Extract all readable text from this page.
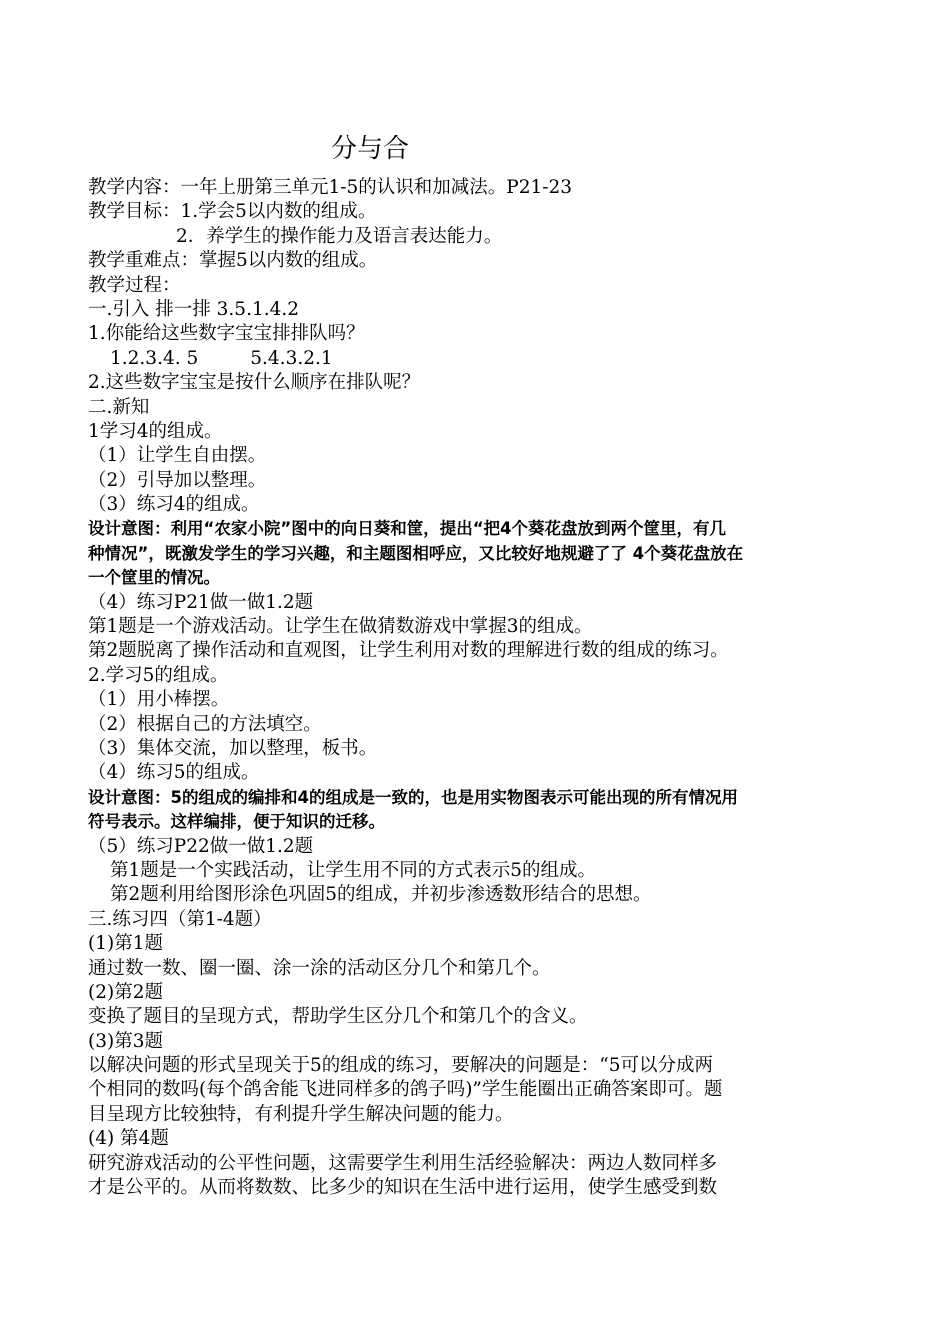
分与合
教学内容：一年上册第三单元1-5的认识和加减法。P21-23
教学目标：1.学会5以内数的组成。
2．养学生的操作能力及语言表达能力。
教学重难点：掌握5以内数的组成。
教学过程：
一.引入 排一排 3.5.1.4.2
1.你能给这些数字宝宝排排队吗？
1.2.3.4. 5	5.4.3.2.1
2.这些数字宝宝是按什么顺序在排队呢？
二.新知
1学习4的组成。
（1）让学生自由摆。
（2）引导加以整理。
（3）练习4的组成。
设计意图：利用“农家小院”图中的向日葵和筐，提出“把4个葵花盘放到两个筐里，有几
种情况”，既激发学生的学习兴趣，和主题图相呼应，又比较好地规避了了 4个葵花盘放在
一个筐里的情况。
（4）练习P21做一做1.2题
第1题是一个游戏活动。让学生在做猜数游戏中掌握3的组成。
第2题脱离了操作活动和直观图，让学生利用对数的理解进行数的组成的练习。
2.学习5的组成。
（1）用小棒摆。
（2）根据自己的方法填空。
（3）集体交流，加以整理，板书。
（4）练习5的组成。
设计意图：5的组成的编排和4的组成是一致的，也是用实物图表示可能出现的所有情况用
符号表示。这样编排，便于知识的迁移。
（5）练习P22做一做1.2题
第1题是一个实践活动，让学生用不同的方式表示5的组成。
第2题利用给图形涂色巩固5的组成，并初步渗透数形结合的思想。
三.练习四（第1-4题）
(1)第1题
通过数一数、圈一圈、涂一涂的活动区分几个和第几个。
(2)第2题
变换了题目的呈现方式，帮助学生区分几个和第几个的含义。
(3)第3题
以解决问题的形式呈现关于5的组成的练习，要解决的问题是：“5可以分成两
个相同的数吗(每个鸽舍能飞进同样多的鸽子吗)”学生能圈出正确答案即可。题
目呈现方比较独特，有利提升学生解决问题的能力。
(4) 第4题
研究游戏活动的公平性问题，这需要学生利用生活经验解决：两边人数同样多
才是公平的。从而将数数、比多少的知识在生活中进行运用，使学生感受到数
